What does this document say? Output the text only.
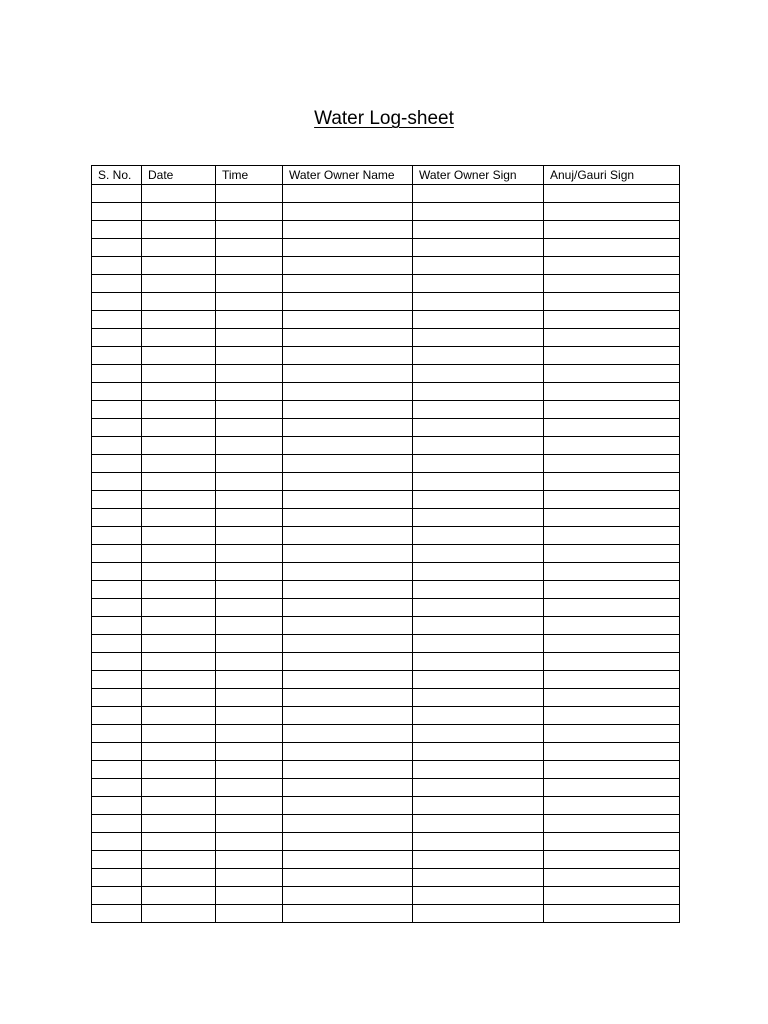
Water Log-sheet
S. No.	Date	Time	Water Owner Name	Water Owner Sign	Anuj/Gauri Sign
